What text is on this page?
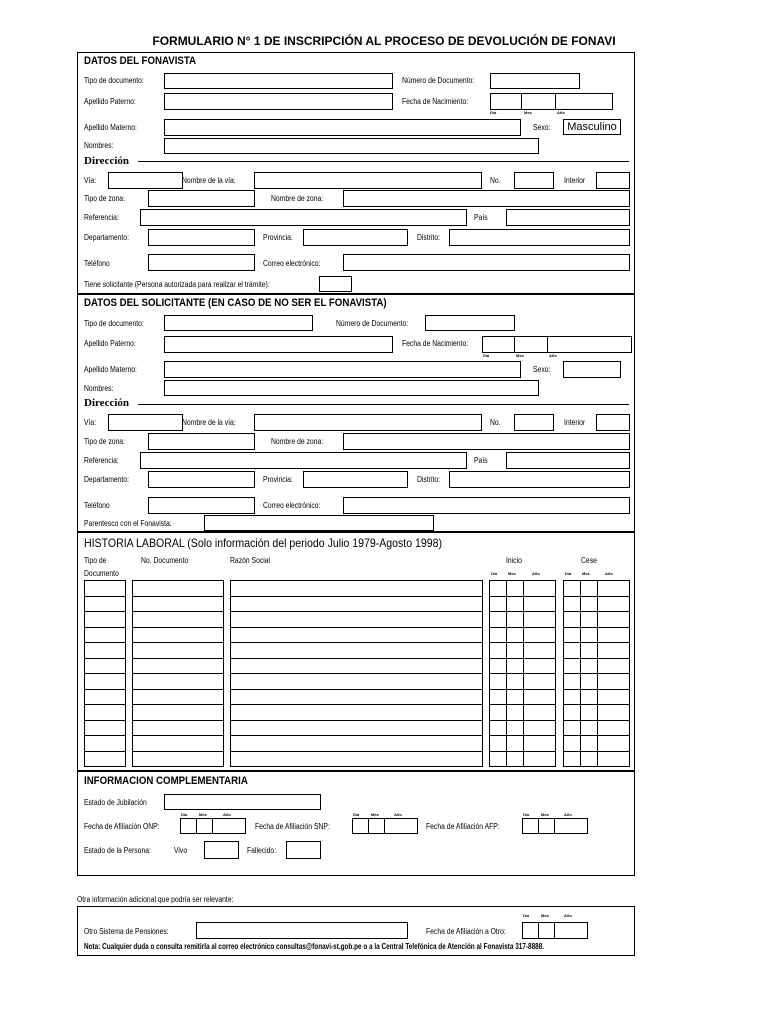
FORMULARIO N° 1 DE INSCRIPCIÓN AL PROCESO DE DEVOLUCIÓN DE FONAVI
DATOS DEL FONAVISTA
Tipo de documento:	Número de Documento:
Apellido Paterno:	Fecha de Nacimiento:
Día	Mes	Año
Apellido Materno:	Sexo:	Masculino
Nombres:
Dirección
Vía:	Nombre de la vía:	No.	Interior
Tipo de zona:	Nombre de zona:
Referencia:	País
Departamento:	Provincia:	Distrito:
Teléfono	Correo electrónico:
Tiene solicitante (Persona autorizada para realizar el trámite):
DATOS DEL SOLICITANTE (EN CASO DE NO SER EL FONAVISTA)
Tipo de documento:	Número de Documento:
Apellido Paterno:	Fecha de Nacimiento:
Día	Mes	Año
Apellido Materno:	Sexo:
Nombres:
Dirección
Vía:	Nombre de la vía:	No.	Interior
Tipo de zona:	Nombre de zona:
Referencia:	País
Departamento:	Provincia:	Distrito:
Teléfono	Correo electrónico:
Parentesco con el Fonavista:
HISTORIA LABORAL (Solo información del periodo Julio 1979-Agosto 1998)
Tipo de
Documento
No. Documento	Razón Social	Inicio	Cese
Día	Mes	Año	Día	Mes	Año
INFORMACION COMPLEMENTARIA
Estado de Jubilación
Día	Mes	Año
Fecha de Afiliación ONP:
Día	Mes	Año
Fecha de Afiliación SNP:
Día	Mes	Año
Fecha de Afiliación AFP:
Estado de la Persona:	Vivo	Fallecido:
Otra información adicional que podría ser relevante:
Día	Mes	Año
Otro Sistema de Pensiones:	Fecha de Afiliación a Otro:
Nota: Cualquier duda o consulta remitirla al correo electrónico consultas@fonavi-st.gob.pe o a la Central Telefónica de Atención al Fonavista 317-8888.
